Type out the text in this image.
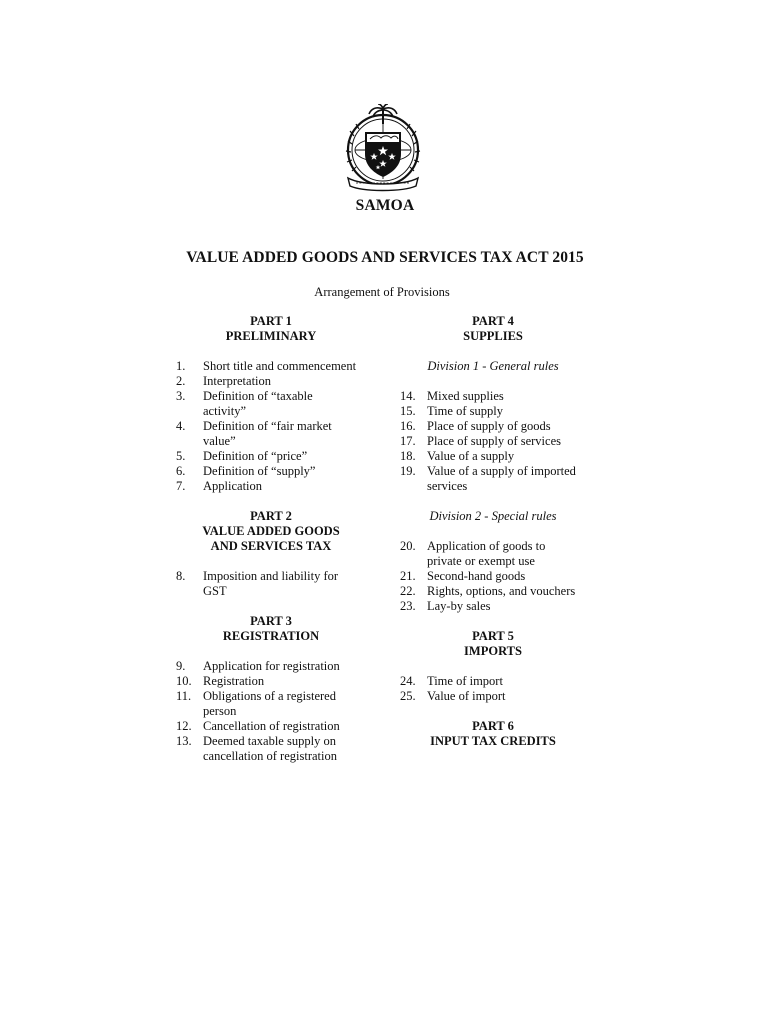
SAMOA
VALUE ADDED GOODS AND SERVICES TAX ACT 2015
Arrangement of Provisions
PART 1
PRELIMINARY
1. Short title and commencement
2. Interpretation
3. Definition of “taxable
activity”
4. Definition of “fair market
value”
5. Definition of “price”
6. Definition of “supply”
7. Application
PART 2
VALUE ADDED GOODS
AND SERVICES TAX
8. Imposition and liability for
GST
PART 3
REGISTRATION
9. Application for registration
10. Registration
11. Obligations of a registered
person
12. Cancellation of registration
13. Deemed taxable supply on
cancellation of registration
PART 4
SUPPLIES
Division 1 - General rules
14. Mixed supplies
15. Time of supply
16. Place of supply of goods
17. Place of supply of services
18. Value of a supply
19. Value of a supply of imported
services
Division 2 - Special rules
20. Application of goods to
private or exempt use
21. Second-hand goods
22. Rights, options, and vouchers
23. Lay-by sales
PART 5
IMPORTS
24. Time of import
25. Value of import
PART 6
INPUT TAX CREDITS
